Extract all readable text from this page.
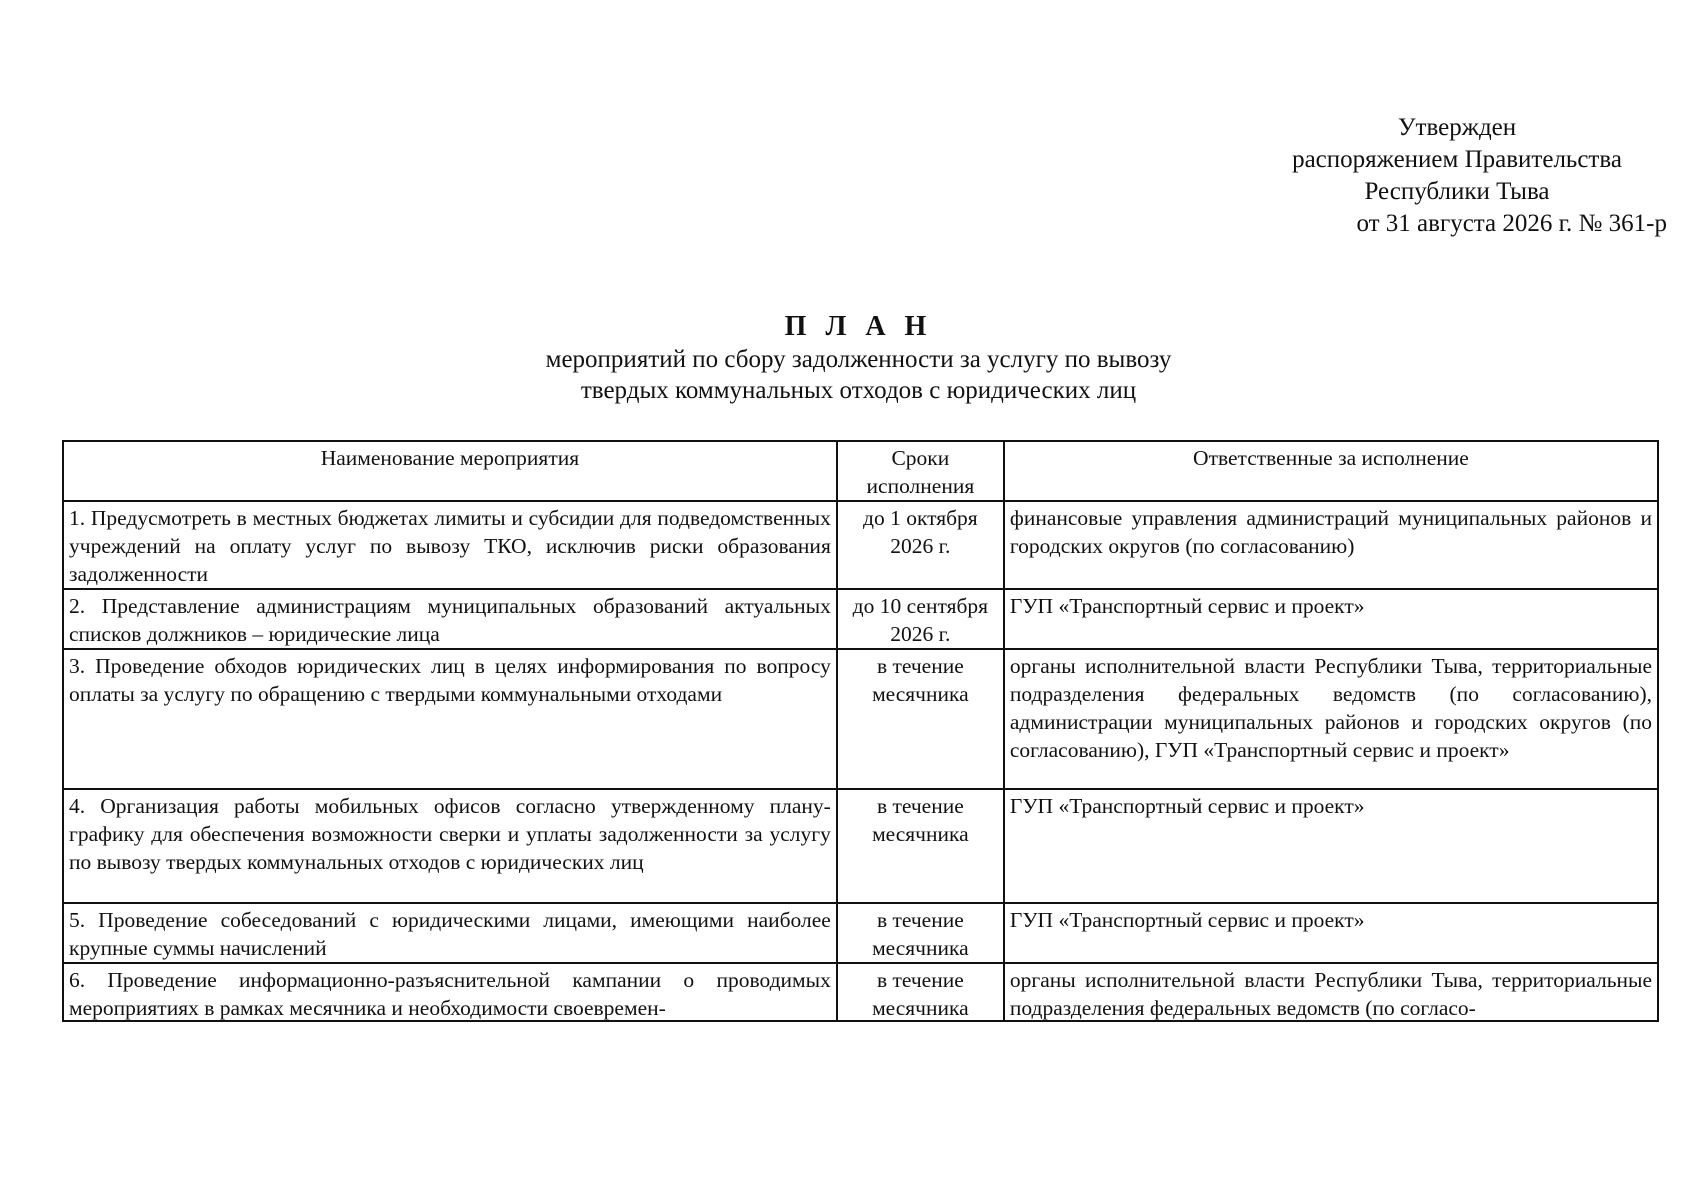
Утвержден
распоряжением Правительства
Республики Тыва
от 31 августа 2026 г. № 361-р
П Л А Н
мероприятий по сбору задолженности за услугу по вывозу
твердых коммунальных отходов с юридических лиц
Наименование мероприятия	Сроки исполнения	Ответственные за исполнение
1. Предусмотреть в местных бюджетах лимиты и субсидии для подведомственных учреждений на оплату услуг по вывозу ТКО, исключив риски образования задолженности	до 1 октября 2026 г.	финансовые управления администраций муниципальных районов и городских округов (по согласованию)
2. Представление администрациям муниципальных образований актуальных списков должников – юридические лица	до 10 сентября 2026 г.	ГУП «Транспортный сервис и проект»
3. Проведение обходов юридических лиц в целях информирования по вопросу оплаты за услугу по обращению с твердыми коммунальными отходами	в течение месячника	органы исполнительной власти Республики Тыва, территориальные подразделения федеральных ведомств (по согласованию), администрации муниципальных районов и городских округов (по согласованию), ГУП «Транспортный сервис и проект»
4. Организация работы мобильных офисов согласно утвержденному плану-графику для обеспечения возможности сверки и уплаты задолженности за услугу по вывозу твердых коммунальных отходов с юридических лиц	в течение месячника	ГУП «Транспортный сервис и проект»
5. Проведение собеседований с юридическими лицами, имеющими наиболее крупные суммы начислений	в течение месячника	ГУП «Транспортный сервис и проект»

6. Проведение информационно-разъяснительной кампании о проводимых мероприятиях в рамках месячника и необходимости своевремен-	в течение месячника	органы исполнительной власти Республики Тыва, территориальные подразделения федеральных ведомств (по согласо-
